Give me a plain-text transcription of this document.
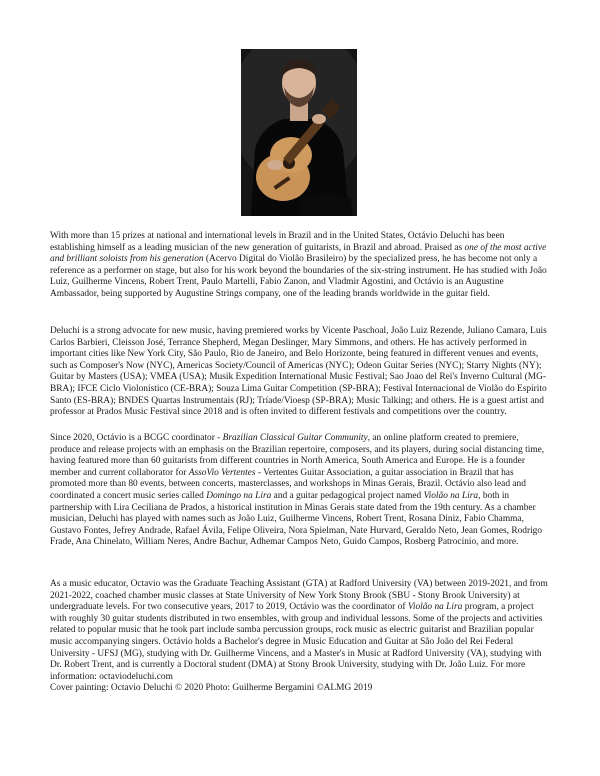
With more than 15 prizes at national and international levels in Brazil and in the United States, Octávio Deluchi has been establishing himself as a leading musician of the new generation of guitarists, in Brazil and abroad. Praised as one of the most active and brilliant soloists from his generation (Acervo Digital do Violão Brasileiro) by the specialized press, he has become not only a reference as a performer on stage, but also for his work beyond the boundaries of the six-string instrument. He has studied with João Luiz, Guilherme Vincens, Robert Trent, Paulo Martelli, Fabio Zanon, and Vladmir Agostini, and Octávio is an Augustine Ambassador, being supported by Augustine Strings company, one of the leading brands worldwide in the guitar field.

Deluchi is a strong advocate for new music, having premiered works by Vicente Paschoal, João Luiz Rezende, Juliano Camara, Luis Carlos Barbieri, Cleisson José, Terrance Shepherd, Megan Deslinger, Mary Simmons, and others. He has actively performed in important cities like New York City, São Paulo, Rio de Janeiro, and Belo Horizonte, being featured in different venues and events, such as Composer's Now (NYC), Americas Society/Council of Americas (NYC); Odeon Guitar Series (NYC); Starry Nights (NY); Guitar by Masters (USA); VMEA (USA); Musik Expedition International Music Festival; Sao Joao del Rei's Inverno Cultural (MG-BRA); IFCE Ciclo Violonístico (CE-BRA); Souza Lima Guitar Competition (SP-BRA); Festival Internacional de Violão do Espírito Santo (ES-BRA); BNDES Quartas Instrumentais (RJ); Tríade/Vioesp (SP-BRA); Music Talking; and others. He is a guest artist and professor at Prados Music Festival since 2018 and is often invited to different festivals and competitions over the country.

Since 2020, Octávio is a BCGC coordinator - Brazilian Classical Guitar Community, an online platform created to premiere, produce and release projects with an emphasis on the Brazilian repertoire, composers, and its players, during social distancing time, having featured more than 60 guitarists from different countries in North America, South America and Europe. He is a founder member and current collaborator for AssoVio Vertentes - Vertentes Guitar Association, a guitar association in Brazil that has promoted more than 80 events, between concerts, masterclasses, and workshops in Minas Gerais, Brazil. Octávio also lead and coordinated a concert music series called Domingo na Lira and a guitar pedagogical project named Violão na Lira, both in partnership with Lira Ceciliana de Prados, a historical institution in Minas Gerais state dated from the 19th century. As a chamber musician, Deluchi has played with names such as João Luiz, Guilherme Vincens, Robert Trent, Rosana Diniz, Fabio Chamma, Gustavo Fontes, Jefrey Andrade, Rafael Ávila, Felipe Oliveira, Nora Spielman, Nate Hurvard, Geraldo Neto, Jean Gomes, Rodrigo Frade, Ana Chinelato, William Neres, Andre Bachur, Adhemar Campos Neto, Guido Campos, Rosberg Patrocínio, and more.

As a music educator, Octavio was the Graduate Teaching Assistant (GTA) at Radford University (VA) between 2019-2021, and from 2021-2022, coached chamber music classes at State University of New York Stony Brook (SBU - Stony Brook University) at undergraduate levels. For two consecutive years, 2017 to 2019, Octávio was the coordinator of Violão na Lira program, a project with roughly 30 guitar students distributed in two ensembles, with group and individual lessons. Some of the projects and activities related to popular music that he took part include samba percussion groups, rock music as electric guitarist and Brazilian popular music accompanying singers. Octávio holds a Bachelor's degree in Music Education and Guitar at São João del Rei Federal University - UFSJ (MG), studying with Dr. Guilherme Vincens, and a Master's in Music at Radford University (VA), studying with Dr. Robert Trent, and is currently a Doctoral student (DMA) at Stony Brook University, studying with Dr. João Luiz. For more information: octaviodeluchi.com

Cover painting: Octavio Deluchi © 2020 Photo: Guilherme Bergamini ©ALMG 2019
